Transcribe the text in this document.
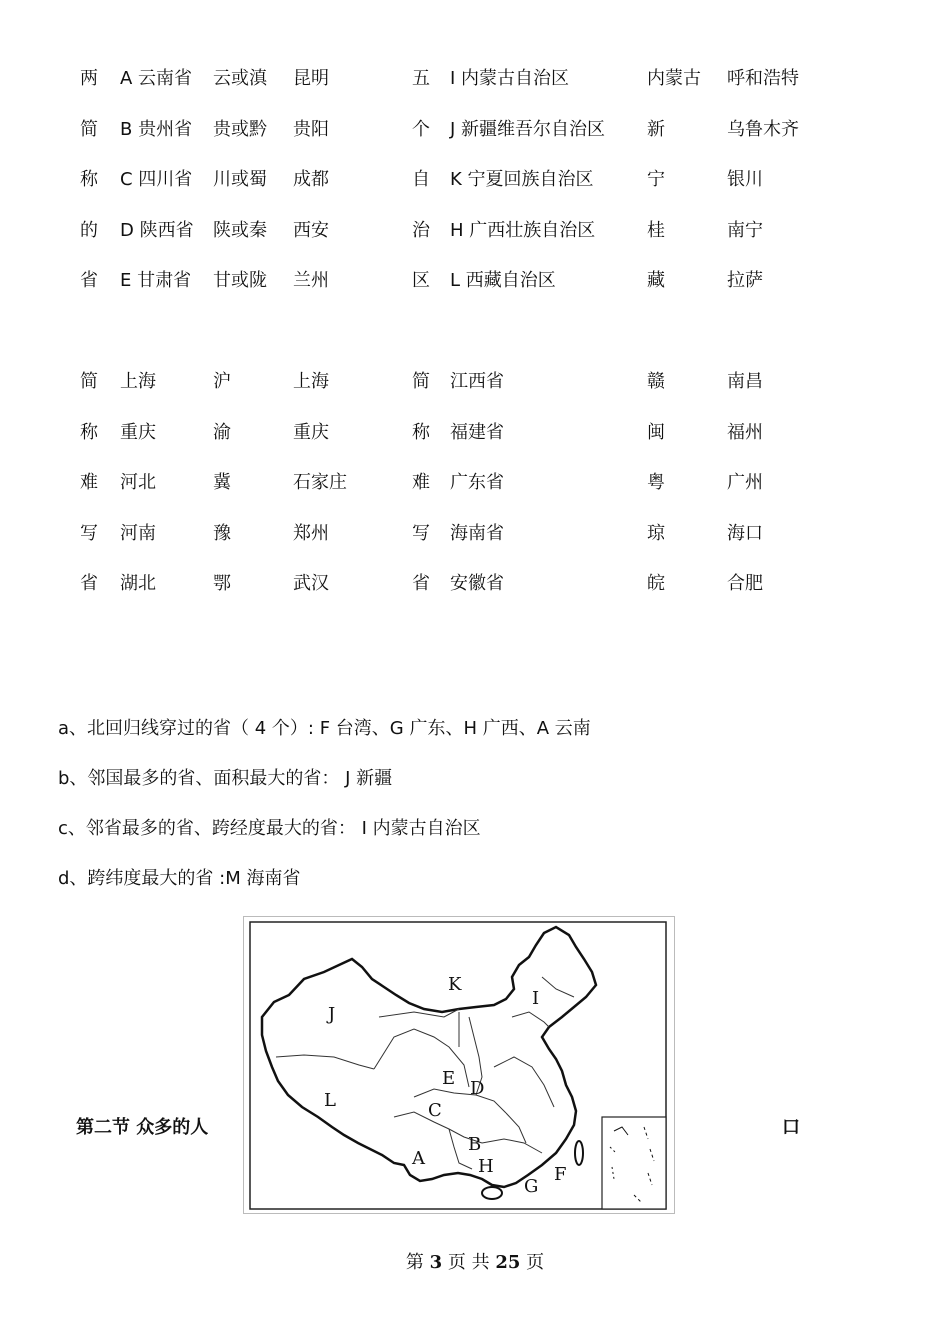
两 A 云南省 云或滇 昆明	五 I 内蒙古自治区	内蒙古 呼和浩特
简 B 贵州省 贵或黔 贵阳	个 J 新疆维吾尔自治区 新	乌鲁木齐
称 C 四川省 川或蜀 成都	自 K 宁夏回族自治区	宁	银川
的 D 陕西省 陕或秦 西安	治 H 广西壮族自治区	桂	南宁
省 E 甘肃省 甘或陇 兰州	区 L 西藏自治区	藏	拉萨
简 上海	沪	上海	简 江西省	赣	南昌
称 重庆	渝	重庆	称 福建省	闽	福州
难 河北	冀	石家庄	难 广东省	粤	广州
写 河南	豫	郑州	写 海南省	琼	海口
省 湖北	鄂	武汉	省 安徽省	皖	合肥
a、北回归线穿过的省（ 4 个）: F 台湾、G 广东、H 广西、A 云南
b、邻国最多的省、面积最大的省： J 新疆
c、邻省最多的省、跨经度最大的省： I 内蒙古自治区
d、跨纬度最大的省 :M 海南省
第二节 众多的人
J
K
I
E D
L	C
B
A	H
G
F
口
第 3 页 共 25 页
